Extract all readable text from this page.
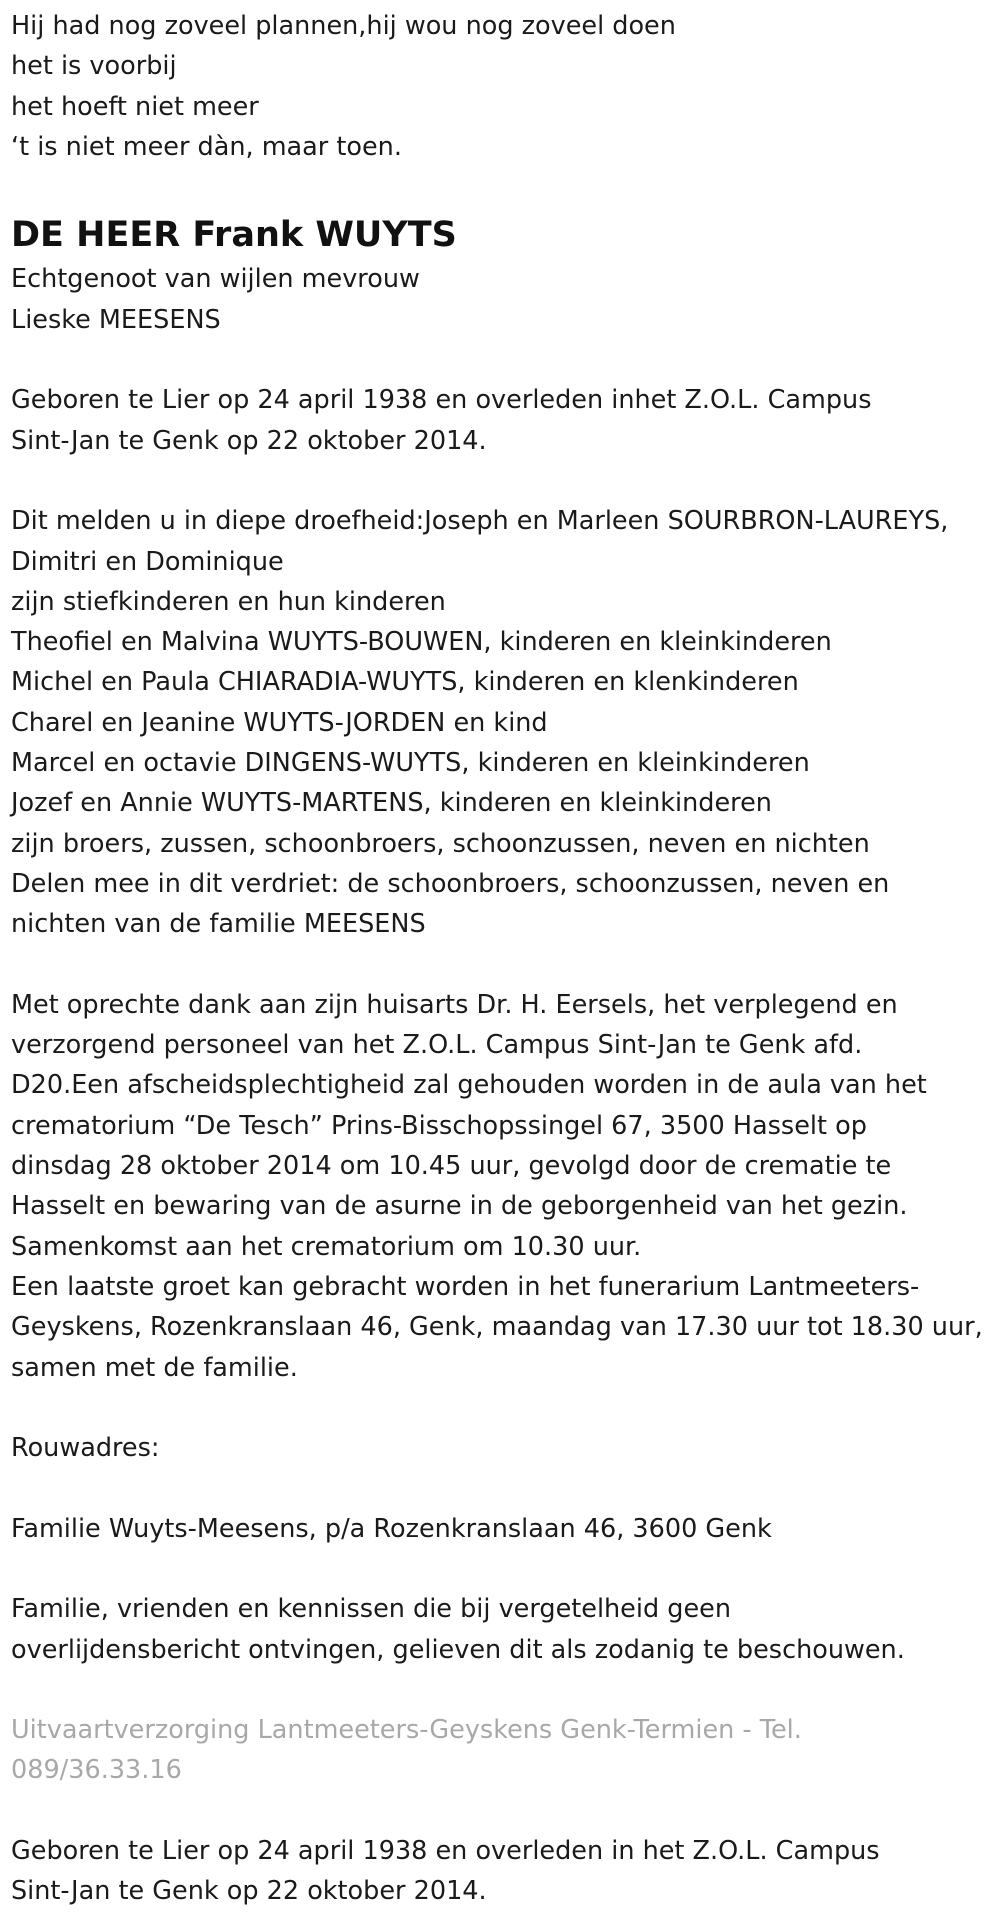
Hij had nog zoveel plannen,hij wou nog zoveel doen

het is voorbij

het hoeft niet meer

‘t is niet meer dàn, maar toen.

DE HEER Frank WUYTS

Echtgenoot van wijlen mevrouw

Lieske MEESENS

Geboren te Lier op 24 april 1938 en overleden inhet Z.O.L. Campus

Sint-Jan te Genk op 22 oktober 2014.

Dit melden u in diepe droefheid:Joseph en Marleen SOURBRON-LAUREYS,

Dimitri en Dominique

zijn stiefkinderen en hun kinderen

Theofiel en Malvina WUYTS-BOUWEN, kinderen en kleinkinderen

Michel en Paula CHIARADIA-WUYTS, kinderen en klenkinderen

Charel en Jeanine WUYTS-JORDEN en kind

Marcel en octavie DINGENS-WUYTS, kinderen en kleinkinderen

Jozef en Annie WUYTS-MARTENS, kinderen en kleinkinderen

zijn broers, zussen, schoonbroers, schoonzussen, neven en nichten

Delen mee in dit verdriet: de schoonbroers, schoonzussen, neven en

nichten van de familie MEESENS

Met oprechte dank aan zijn huisarts Dr. H. Eersels, het verplegend en

verzorgend personeel van het Z.O.L. Campus Sint-Jan te Genk afd.

D20.Een afscheidsplechtigheid zal gehouden worden in de aula van het

crematorium “De Tesch” Prins-Bisschopssingel 67, 3500 Hasselt op

dinsdag 28 oktober 2014 om 10.45 uur, gevolgd door de crematie te

Hasselt en bewaring van de asurne in de geborgenheid van het gezin.

Samenkomst aan het crematorium om 10.30 uur.

Een laatste groet kan gebracht worden in het funerarium Lantmeeters-

Geyskens, Rozenkranslaan 46, Genk, maandag van 17.30 uur tot 18.30 uur,

samen met de familie.

Rouwadres:

Familie Wuyts-Meesens, p/a Rozenkranslaan 46, 3600 Genk

Familie, vrienden en kennissen die bij vergetelheid geen

overlijdensbericht ontvingen, gelieven dit als zodanig te beschouwen.

Uitvaartverzorging Lantmeeters-Geyskens Genk-Termien - Tel.

089/36.33.16

Geboren te Lier op 24 april 1938 en overleden in het Z.O.L. Campus

Sint-Jan te Genk op 22 oktober 2014.
